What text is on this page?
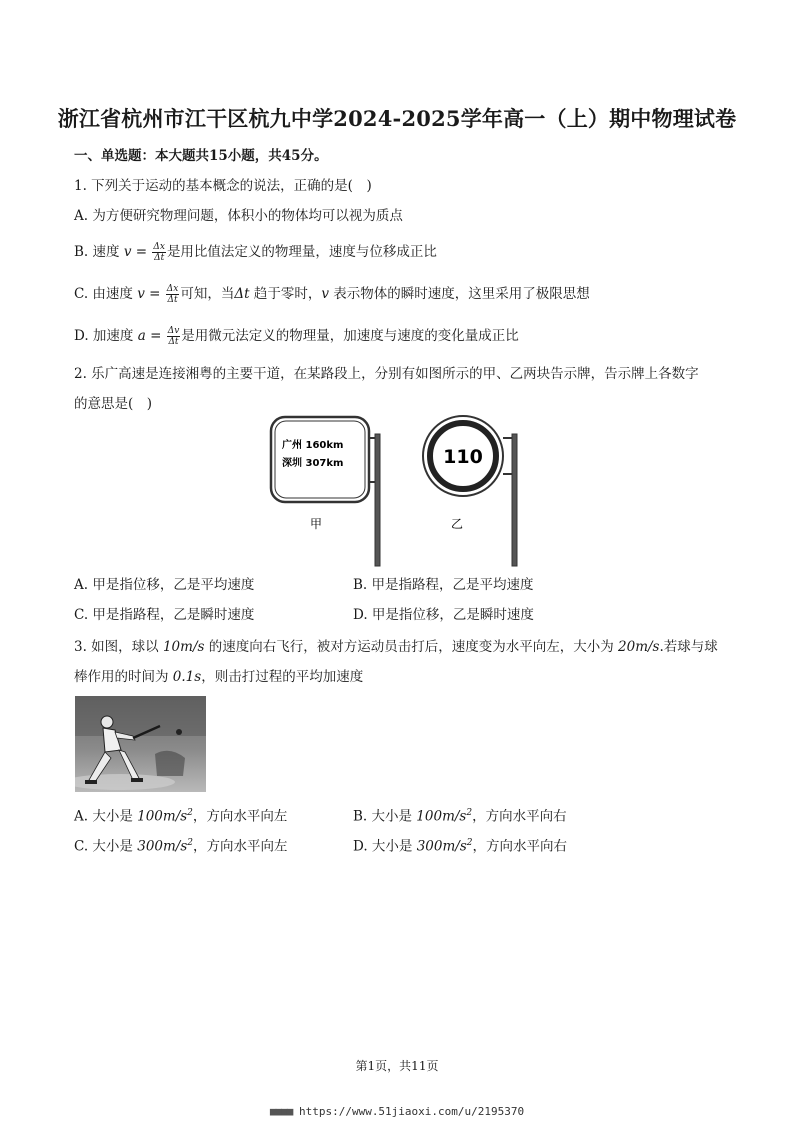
浙江省杭州市江干区杭九中学2024-2025学年高一（上）期中物理试卷
一、单选题：本大题共15小题，共45分。
1. 下列关于运动的基本概念的说法，正确的是(　)
A. 为方便研究物理问题，体积小的物体均可以视为质点
B. 速度 $v = \frac{\Delta x}{\Delta t}$ 是用比值法定义的物理量，速度与位移成正比
C. 由速度 $v = \frac{\Delta x}{\Delta t}$ 可知，当Δt 趋于零时，v 表示物体的瞬时速度，这里采用了极限思想
D. 加速度 $a = \frac{\Delta v}{\Delta t}$ 是用微元法定义的物理量，加速度与速度的变化量成正比
2. 乐广高速是连接湘粤的主要干道，在某路段上，分别有如图所示的甲、乙两块告示牌，告示牌上各数字
的意思是(　)
广州 160km
深圳 307km
甲
110
乙
A. 甲是指位移，乙是平均速度	B. 甲是指路程，乙是平均速度
C. 甲是指路程，乙是瞬时速度	D. 甲是指位移，乙是瞬时速度
3. 如图，球以 10m/s 的速度向右飞行，被对方运动员击打后，速度变为水平向左，大小为 20m/s.若球与球
棒作用的时间为 0.1s，则击打过程的平均加速度
A. 大小是 $100m/s^2$，方向水平向左	B. 大小是 $100m/s^2$，方向水平向右
C. 大小是 $300m/s^2$，方向水平向左	D. 大小是 $300m/s^2$，方向水平向右
第1页，共11页
■■■■ https://www.51jiaoxi.com/u/2195370
